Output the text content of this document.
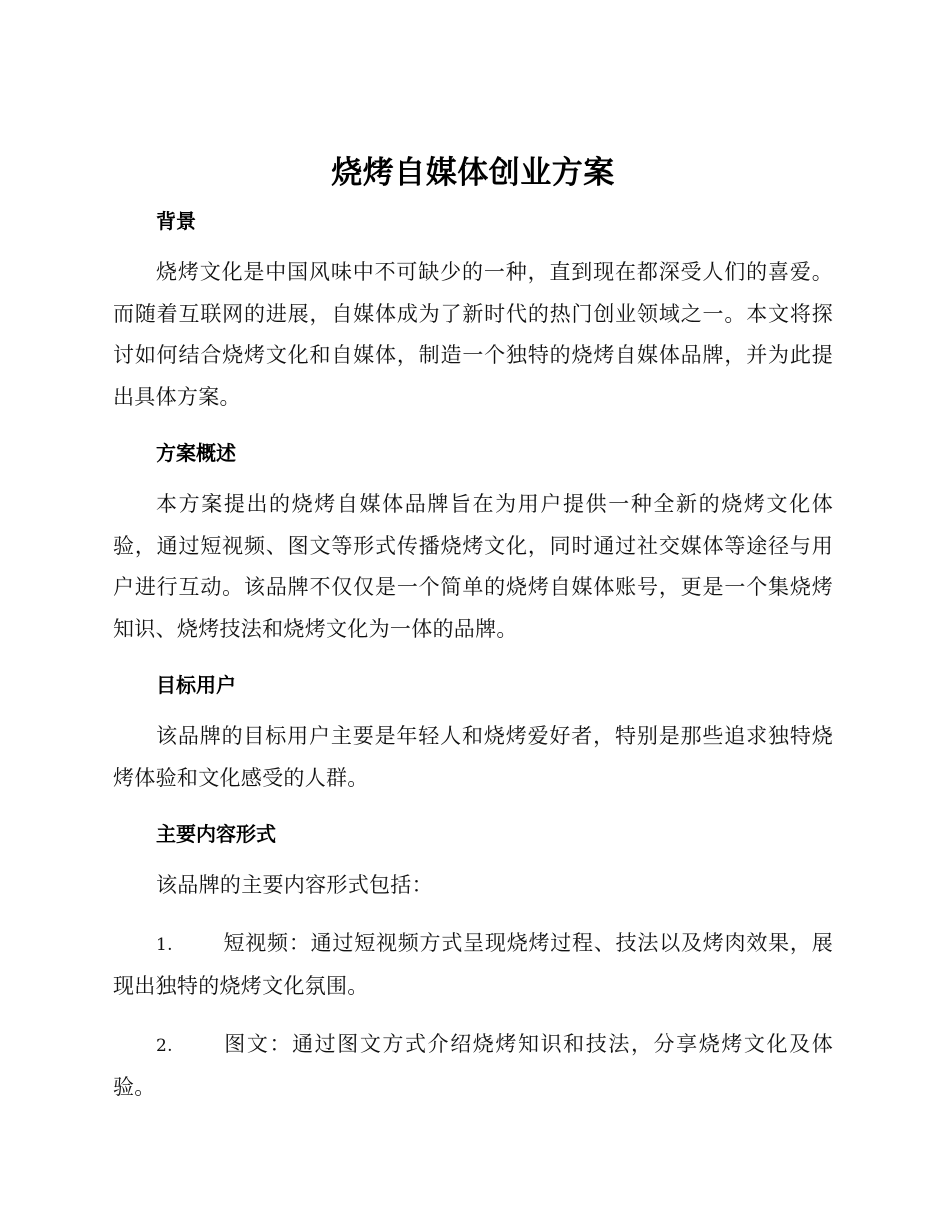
烧烤自媒体创业方案
背景

烧烤文化是中国风味中不可缺少的一种，直到现在都深受人们的喜爱。而随着互联网的进展，自媒体成为了新时代的热门创业领域之一。本文将探讨如何结合烧烤文化和自媒体，制造一个独特的烧烤自媒体品牌，并为此提出具体方案。

方案概述

本方案提出的烧烤自媒体品牌旨在为用户提供一种全新的烧烤文化体验，通过短视频、图文等形式传播烧烤文化，同时通过社交媒体等途径与用户进行互动。该品牌不仅仅是一个简单的烧烤自媒体账号，更是一个集烧烤知识、烧烤技法和烧烤文化为一体的品牌。

目标用户

该品牌的目标用户主要是年轻人和烧烤爱好者，特别是那些追求独特烧烤体验和文化感受的人群。

主要内容形式

该品牌的主要内容形式包括：

1. 短视频：通过短视频方式呈现烧烤过程、技法以及烤肉效果，展现出独特的烧烤文化氛围。

2. 图文：通过图文方式介绍烧烤知识和技法，分享烧烤文化及体验。
